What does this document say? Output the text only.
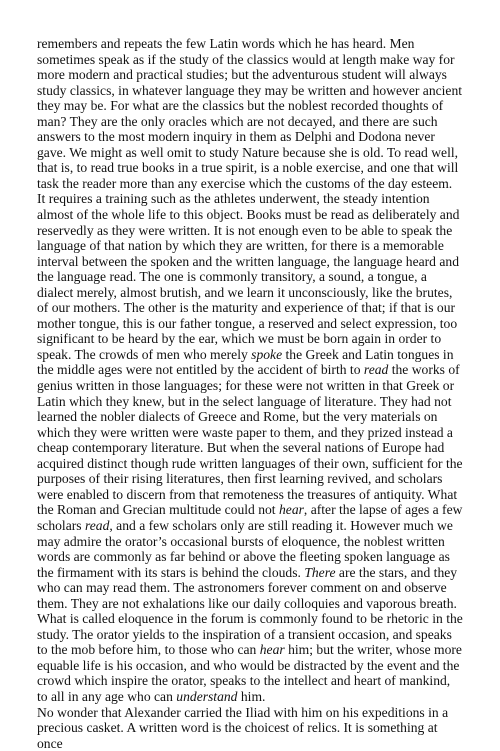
remembers and repeats the few Latin words which he has heard. Men sometimes speak as if the study of the classics would at length make way for more modern and practical studies; but the adventurous student will always study classics, in whatever language they may be written and however ancient they may be. For what are the classics but the noblest recorded thoughts of man? They are the only oracles which are not decayed, and there are such answers to the most modern inquiry in them as Delphi and Dodona never gave. We might as well omit to study Nature because she is old. To read well, that is, to read true books in a true spirit, is a noble exercise, and one that will task the reader more than any exercise which the customs of the day esteem. It requires a training such as the athletes underwent, the steady intention almost of the whole life to this object. Books must be read as deliberately and reservedly as they were written. It is not enough even to be able to speak the language of that nation by which they are written, for there is a memorable interval between the spoken and the written language, the language heard and the language read. The one is commonly transitory, a sound, a tongue, a dialect merely, almost brutish, and we learn it unconsciously, like the brutes, of our mothers. The other is the maturity and experience of that; if that is our mother tongue, this is our father tongue, a reserved and select expression, too significant to be heard by the ear, which we must be born again in order to speak. The crowds of men who merely spoke the Greek and Latin tongues in the middle ages were not entitled by the accident of birth to read the works of genius written in those languages; for these were not written in that Greek or Latin which they knew, but in the select language of literature. They had not learned the nobler dialects of Greece and Rome, but the very materials on which they were written were waste paper to them, and they prized instead a cheap contemporary literature. But when the several nations of Europe had acquired distinct though rude written languages of their own, sufficient for the purposes of their rising literatures, then first learning revived, and scholars were enabled to discern from that remoteness the treasures of antiquity. What the Roman and Grecian multitude could not hear, after the lapse of ages a few scholars read, and a few scholars only are still reading it. However much we may admire the orator’s occasional bursts of eloquence, the noblest written words are commonly as far behind or above the fleeting spoken language as the firmament with its stars is behind the clouds. There are the stars, and they who can may read them. The astronomers forever comment on and observe them. They are not exhalations like our daily colloquies and vaporous breath. What is called eloquence in the forum is commonly found to be rhetoric in the study. The orator yields to the inspiration of a transient occasion, and speaks to the mob before him, to those who can hear him; but the writer, whose more equable life is his occasion, and who would be distracted by the event and the crowd which inspire the orator, speaks to the intellect and heart of mankind, to all in any age who can understand him.

No wonder that Alexander carried the Iliad with him on his expeditions in a precious casket. A written word is the choicest of relics. It is something at once
